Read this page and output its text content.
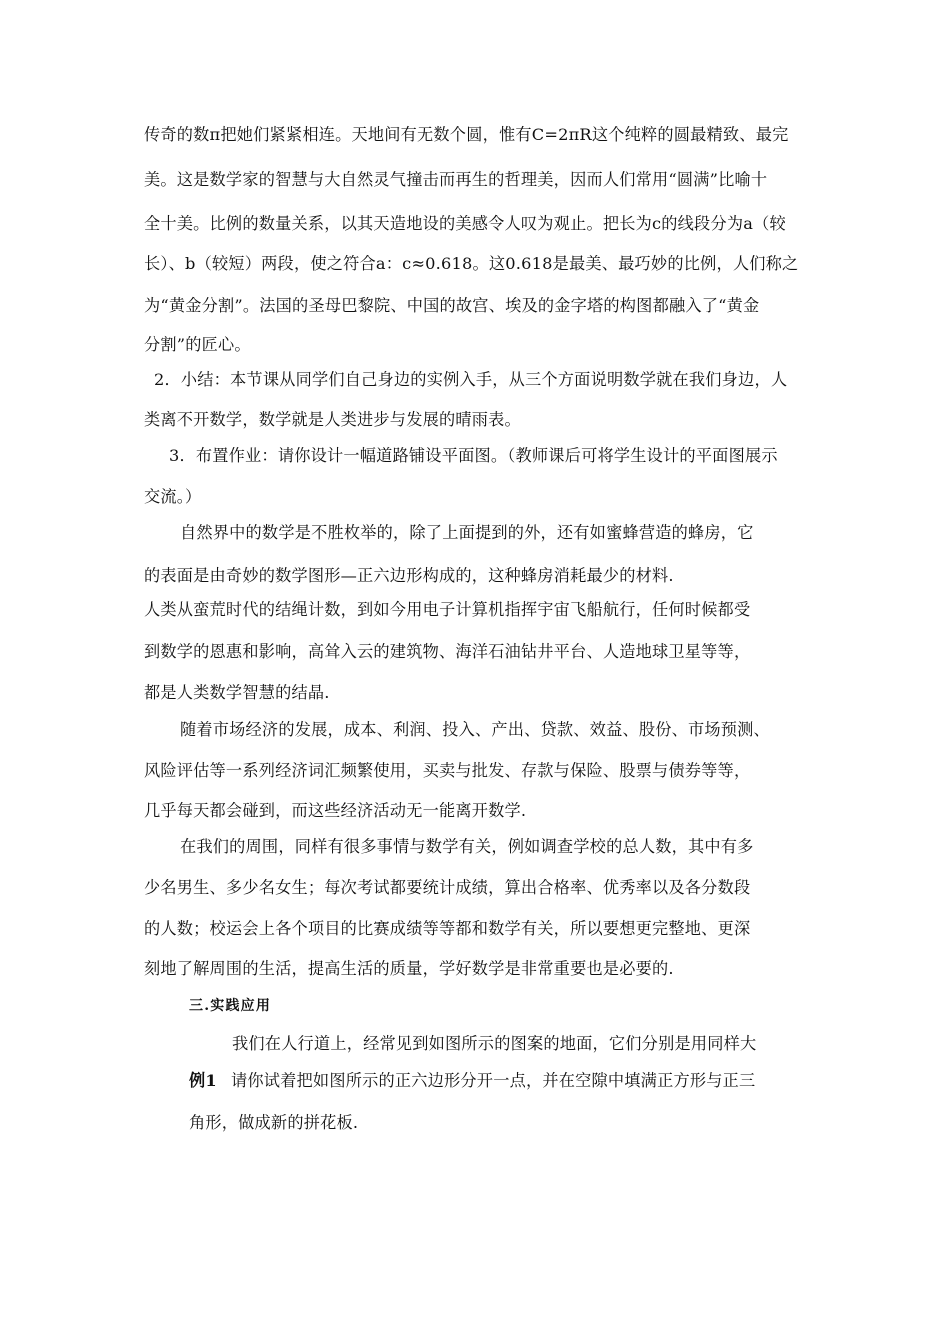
传奇的数π把她们紧紧相连。天地间有无数个圆，惟有C=2πR这个纯粹的圆最精致、最完
美。这是数学家的智慧与大自然灵气撞击而再生的哲理美，因而人们常用“圆满”比喻十
全十美。比例的数量关系，以其天造地设的美感令人叹为观止。把长为c的线段分为a（较
长）、b（较短）两段，使之符合a：c≈0.618。这0.618是最美、最巧妙的比例，人们称之
为“黄金分割”。法国的圣母巴黎院、中国的故宫、埃及的金字塔的构图都融入了“黄金
分割”的匠心。
2．小结：本节课从同学们自己身边的实例入手，从三个方面说明数学就在我们身边，人
类离不开数学，数学就是人类进步与发展的晴雨表。
3．布置作业：请你设计一幅道路铺设平面图。（教师课后可将学生设计的平面图展示
交流。）
自然界中的数学是不胜枚举的，除了上面提到的外，还有如蜜蜂营造的蜂房，它
的表面是由奇妙的数学图形—正六边形构成的，这种蜂房消耗最少的材料.
人类从蛮荒时代的结绳计数，到如今用电子计算机指挥宇宙飞船航行，任何时候都受
到数学的恩惠和影响，高耸入云的建筑物、海洋石油钻井平台、人造地球卫星等等，
都是人类数学智慧的结晶.
随着市场经济的发展，成本、利润、投入、产出、贷款、效益、股份、市场预测、
风险评估等一系列经济词汇频繁使用，买卖与批发、存款与保险、股票与债券等等，
几乎每天都会碰到，而这些经济活动无一能离开数学.
在我们的周围，同样有很多事情与数学有关，例如调查学校的总人数，其中有多
少名男生、多少名女生；每次考试都要统计成绩，算出合格率、优秀率以及各分数段
的人数；校运会上各个项目的比赛成绩等等都和数学有关，所以要想更完整地、更深
刻地了解周围的生活，提高生活的质量，学好数学是非常重要也是必要的.
三.实践应用
我们在人行道上，经常见到如图所示的图案的地面，它们分别是用同样大
例1 请你试着把如图所示的正六边形分开一点，并在空隙中填满正方形与正三
角形，做成新的拼花板.
